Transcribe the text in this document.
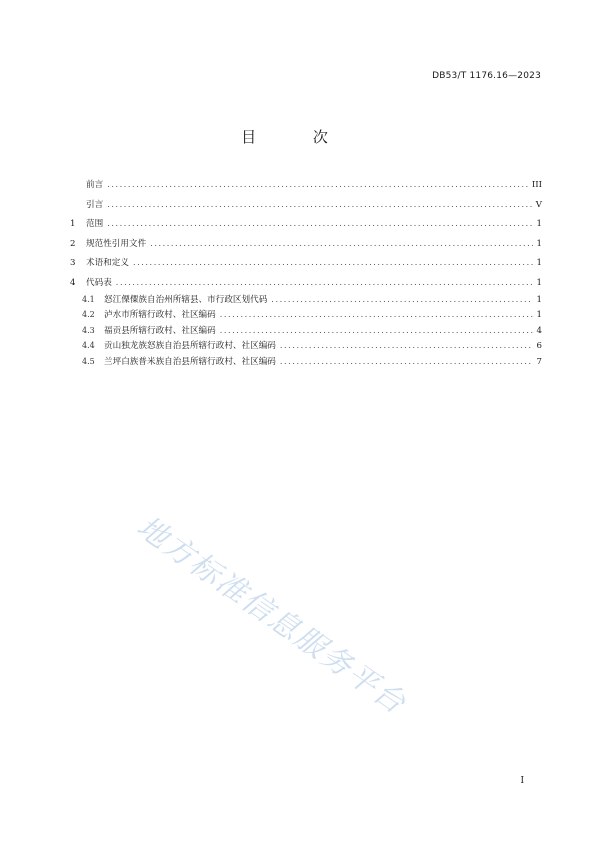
DB53/T 1176.16—2023
目 次
前言 .....	III
引言 .....	V
1	范围 .....	1
2	规范性引用文件 .....	1
3	术语和定义 .....	1
4	代码表 .....	1
4.1	怒江傈僳族自治州所辖县、市行政区划代码 .....	1
4.2	泸水市所辖行政村、社区编码 .....	1
4.3	福贡县所辖行政村、社区编码 .....	4
4.4	贡山独龙族怒族自治县所辖行政村、社区编码 .....	6
4.5	兰坪白族普米族自治县所辖行政村、社区编码 .....	7
地方标准信息服务平台
I
